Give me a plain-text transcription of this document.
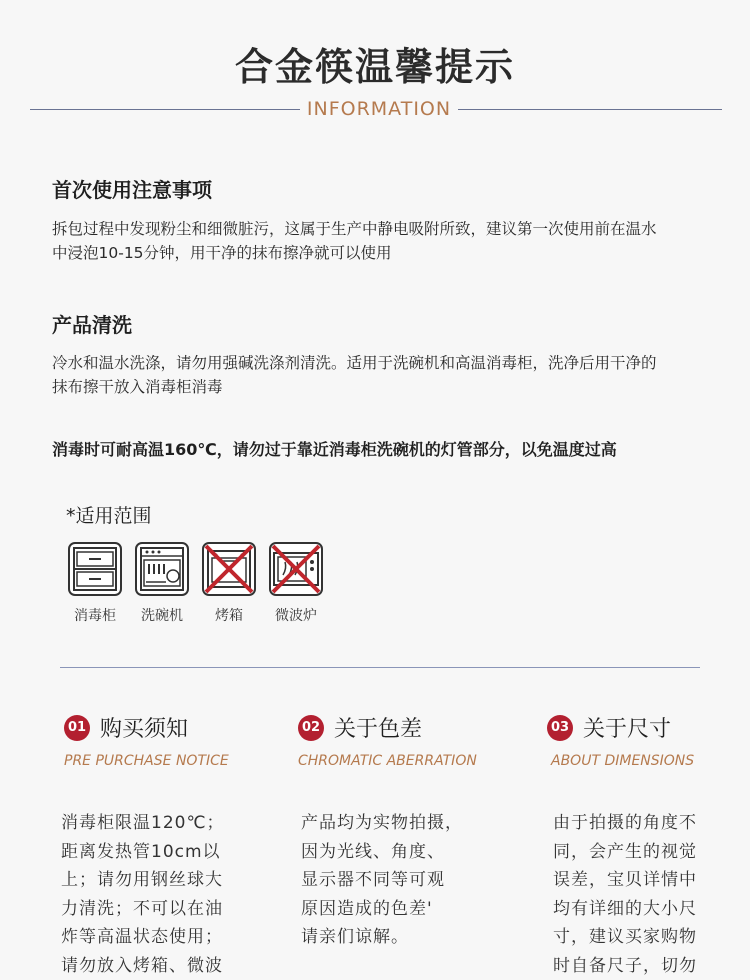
合金筷温馨提示
INFORMATION
首次使用注意事项
拆包过程中发现粉尘和细微脏污，这属于生产中静电吸附所致，建议第一次使用前在温水
中浸泡10-15分钟，用干净的抹布擦净就可以使用
产品清洗
冷水和温水洗涤，请勿用强碱洗涤剂清洗。适用于洗碗机和高温消毒柜，洗净后用干净的
抹布擦干放入消毒柜消毒
消毒时可耐高温160℃，请勿过于靠近消毒柜洗碗机的灯管部分，以免温度过高
*适用范围
消毒柜	洗碗机	烤箱	微波炉
01 购买须知
PRE PURCHASE NOTICE
消毒柜限温120℃；
距离发热管10cm以
上；请勿用钢丝球大
力清洗；不可以在油
炸等高温状态使用；
请勿放入烤箱、微波
02 关于色差
CHROMATIC ABERRATION
产品均为实物拍摄，
因为光线、角度、
显示器不同等可观
原因造成的色差'
请亲们谅解。
03 关于尺寸
ABOUT DIMENSIONS
由于拍摄的角度不
同，会产生的视觉
误差，宝贝详情中
均有详细的大小尺
寸，建议买家购物
时自备尺子，切勿
